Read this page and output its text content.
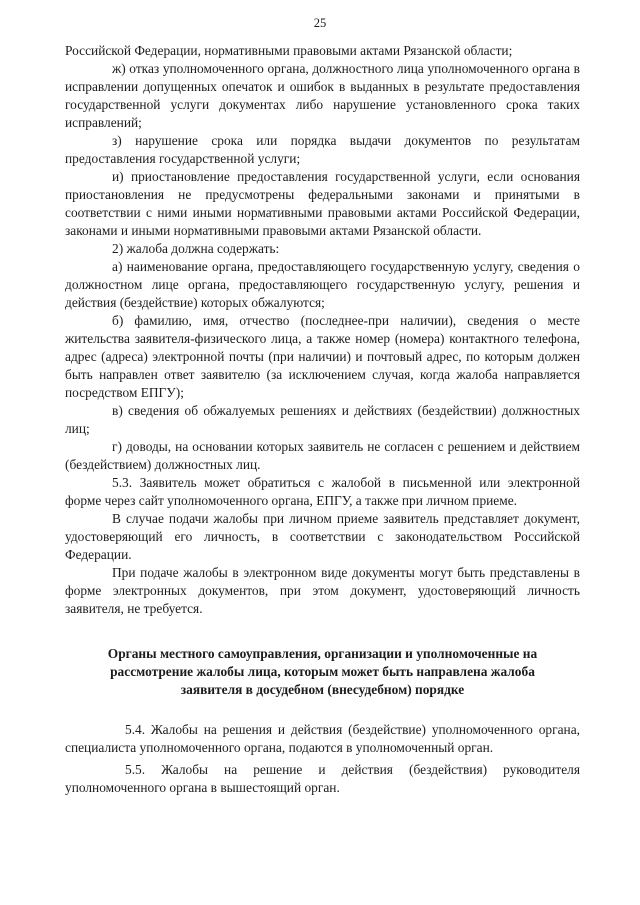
25

Российской Федерации, нормативными правовыми актами Рязанской области;

ж) отказ уполномоченного органа, должностного лица уполномоченного органа в исправлении допущенных опечаток и ошибок в выданных в результате предоставления государственной услуги документах либо нарушение установленного срока таких исправлений;

з) нарушение срока или порядка выдачи документов по результатам предоставления государственной услуги;

и) приостановление предоставления государственной услуги, если основания приостановления не предусмотрены федеральными законами и принятыми в соответствии с ними иными нормативными правовыми актами Российской Федерации, законами и иными нормативными правовыми актами Рязанской области.

2) жалоба должна содержать:

а) наименование органа, предоставляющего государственную услугу, сведения о должностном лице органа, предоставляющего государственную услугу, решения и действия (бездействие) которых обжалуются;

б) фамилию, имя, отчество (последнее-при наличии), сведения о месте жительства заявителя-физического лица, а также номер (номера) контактного телефона, адрес (адреса) электронной почты (при наличии) и почтовый адрес, по которым должен быть направлен ответ заявителю (за исключением случая, когда жалоба направляется посредством ЕПГУ);

в) сведения об обжалуемых решениях и действиях (бездействии) должностных лиц;

г) доводы, на основании которых заявитель не согласен с решением и действием (бездействием) должностных лиц.

5.3. Заявитель может обратиться с жалобой в письменной или электронной форме через сайт уполномоченного органа, ЕПГУ, а также при личном приеме.

В случае подачи жалобы при личном приеме заявитель представляет документ, удостоверяющий его личность, в соответствии с законодательством Российской Федерации.

При подаче жалобы в электронном виде документы могут быть представлены в форме электронных документов, при этом документ, удостоверяющий личность заявителя, не требуется.

Органы местного самоуправления, организации и уполномоченные на рассмотрение жалобы лица, которым может быть направлена жалоба заявителя в досудебном (внесудебном) порядке

5.4. Жалобы на решения и действия (бездействие) уполномоченного органа, специалиста уполномоченного органа, подаются в уполномоченный орган.

5.5. Жалобы на решение и действия (бездействия) руководителя уполномоченного органа в вышестоящий орган.
